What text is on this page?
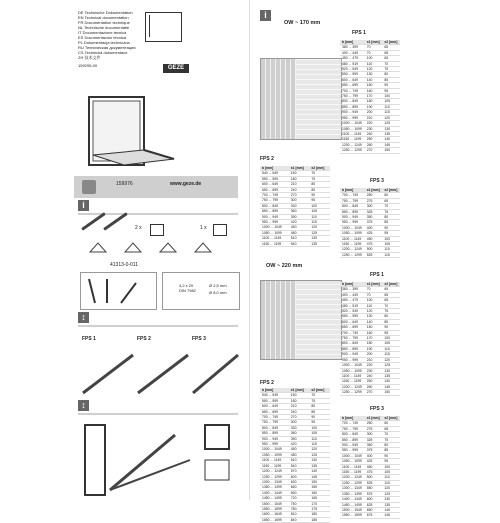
DE Technische Dokumentation
EN Technical documentation
FR Documentation technique
NL Technische documentatie
IT Documentazione tecnica
ES Documentación técnica
PL Dokumentacja techniczna
RU Техническая документация
CS Technická dokumentace
ZH 技术文件
159295-00	GEZE
159976	www.geze.de
i
2 x	1 x
41313-0-011
4,2 x 20
DIN 7982
Ø 2,5 mm
Ø 8,0 mm
↕
FPS 1	FPS 2	FPS 3
↕
i
OW ~ 170 mm
FPS 1
b [mm]	x1 [mm]	x2 [mm]
380 ... 399	70	65
400 ... 449	70	65
450 ... 479	100	65
480 ... 519	110	70
520 ... 549	120	75
550 ... 599	130	80
600 ... 649	140	85
650 ... 699	150	90
700 ... 749	160	95
750 ... 799	170	100
800 ... 849	180	105
850 ... 899	190	110
900 ... 949	200	115
950 ... 999	210	120
1000 ... 1049	220	125
1050 ... 1099	230	130
1100 ... 1149	240	135
1150 ... 1199	250	140
1200 ... 1249	260	145
1250 ... 1299	270	150
FPS 2
b [mm]	x1 [mm]	x2 [mm]
540 ... 549	150	70
550 ... 599	180	75
600 ... 649	210	80
650 ... 699	240	85
700 ... 749	270	90
750 ... 799	300	95
800 ... 849	330	100
850 ... 899	360	105
900 ... 949	390	110
950 ... 999	420	115
1000 ... 1049	450	120
1050 ... 1099	480	125
1100 ... 1149	510	130
1150 ... 1199	540	135
FPS 3
b [mm]	x1 [mm]	x2 [mm]
700 ... 749	250	60
750 ... 799	275	65
800 ... 849	300	70
850 ... 899	325	75
900 ... 949	350	80
950 ... 999	375	85
1000 ... 1049	400	90
1050 ... 1099	425	95
1100 ... 1149	450	100
1150 ... 1199	475	105
1200 ... 1249	500	110
1250 ... 1299	525	115
OW ~ 220 mm
FPS 1
b [mm]	x1 [mm]	x2 [mm]
380 ... 399	70	65
400 ... 449	70	65
450 ... 479	100	65
480 ... 519	110	70
520 ... 549	120	75
550 ... 599	130	80
600 ... 649	140	85
650 ... 699	150	90
700 ... 749	160	95
750 ... 799	170	100
800 ... 849	180	105
850 ... 899	190	110
900 ... 949	200	115
950 ... 999	210	120
1000 ... 1049	220	125
1050 ... 1099	230	130
1100 ... 1149	240	135
1150 ... 1199	250	140
1200 ... 1249	260	145
1250 ... 1299	270	150
FPS 2
b [mm]	x1 [mm]	x2 [mm]
540 ... 549	150	70
550 ... 599	180	75
600 ... 649	210	80
650 ... 699	240	85
700 ... 749	270	90
750 ... 799	300	95
800 ... 849	330	100
850 ... 899	360	105
900 ... 949	390	110
950 ... 999	420	115
1000 ... 1049	450	120
1050 ... 1099	480	125
1100 ... 1149	510	130
1150 ... 1199	540	135
1200 ... 1249	570	140
1250 ... 1299	600	145
1300 ... 1349	630	150
1350 ... 1399	660	155
1400 ... 1449	690	160
1450 ... 1499	720	165
1500 ... 1549	750	170
1550 ... 1599	780	175
1600 ... 1649	810	180
1650 ... 1699	840	185
FPS 3
b [mm]	x1 [mm]	x2 [mm]
700 ... 749	250	60
750 ... 799	275	65
800 ... 849	300	70
850 ... 899	325	75
900 ... 949	350	80
950 ... 999	375	85
1000 ... 1049	400	90
1050 ... 1099	425	95
1100 ... 1149	450	100
1150 ... 1199	475	105
1200 ... 1249	500	110
1250 ... 1299	525	115
1300 ... 1349	550	120
1350 ... 1399	575	125
1400 ... 1449	600	130
1450 ... 1499	625	135
1500 ... 1549	650	140
1550 ... 1599	675	145
